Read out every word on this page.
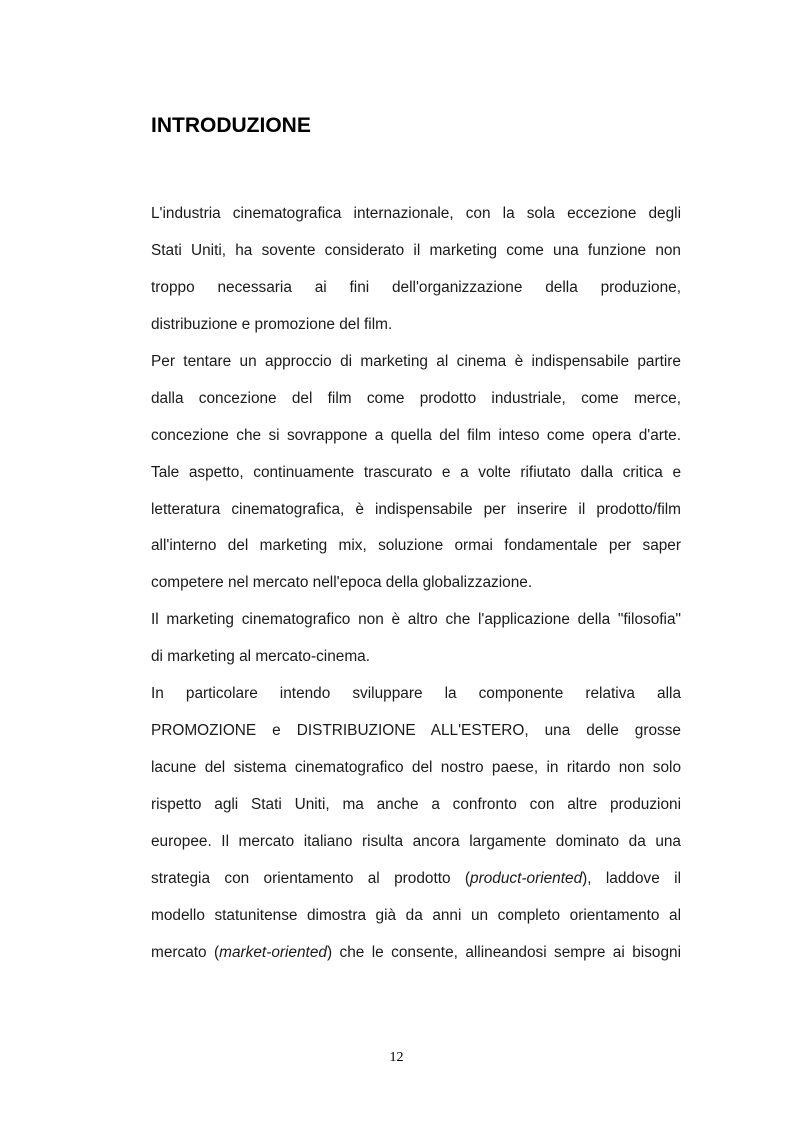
INTRODUZIONE
L'industria cinematografica internazionale, con la sola eccezione degli
Stati Uniti, ha sovente considerato il marketing come una funzione non
troppo necessaria ai fini dell'organizzazione della produzione,
distribuzione e promozione del film.
Per tentare un approccio di marketing al cinema è indispensabile partire
dalla concezione del film come prodotto industriale, come merce,
concezione che si sovrappone a quella del film inteso come opera d'arte.
Tale aspetto, continuamente trascurato e a volte rifiutato dalla critica e
letteratura cinematografica, è indispensabile per inserire il prodotto/film
all'interno del marketing mix, soluzione ormai fondamentale per saper
competere nel mercato nell'epoca della globalizzazione.
Il marketing cinematografico non è altro che l'applicazione della "filosofia"
di marketing al mercato-cinema.
In particolare intendo sviluppare la componente relativa alla
PROMOZIONE e DISTRIBUZIONE ALL'ESTERO, una delle grosse
lacune del sistema cinematografico del nostro paese, in ritardo non solo
rispetto agli Stati Uniti, ma anche a confronto con altre produzioni
europee. Il mercato italiano risulta ancora largamente dominato da una
strategia con orientamento al prodotto (product-oriented), laddove il
modello statunitense dimostra già da anni un completo orientamento al
mercato (market-oriented) che le consente, allineandosi sempre ai bisogni
12
